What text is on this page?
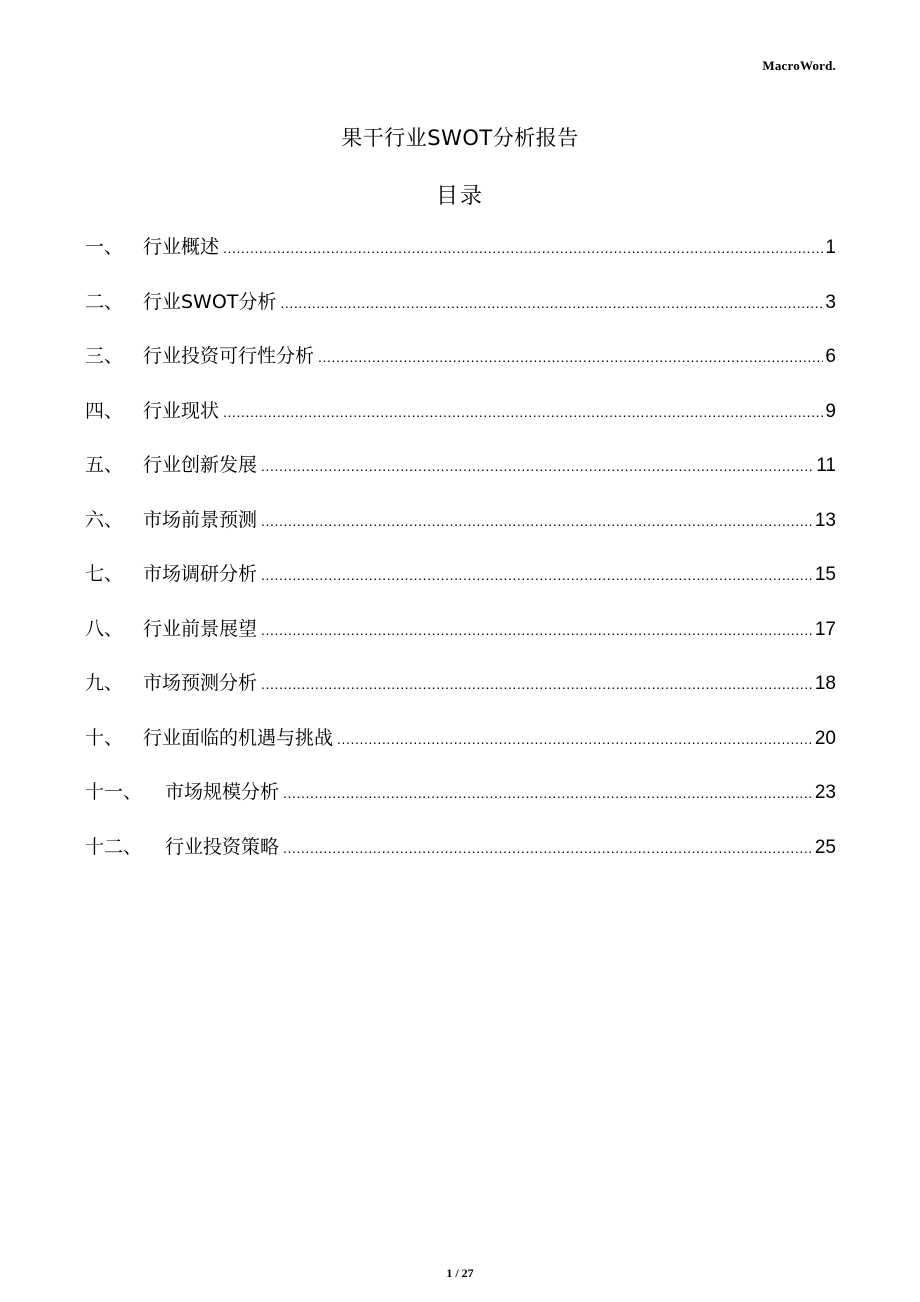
MacroWord.
果干行业SWOT分析报告
目录
一、	行业概述 .....	1
二、	行业SWOT分析 .....	3
三、	行业投资可行性分析 .....	6
四、	行业现状 .....	9
五、	行业创新发展 .....	11
六、	市场前景预测 .....	13
七、	市场调研分析 .....	15
八、	行业前景展望 .....	17
九、	市场预测分析 .....	18
十、	行业面临的机遇与挑战 .....	20
十一、	市场规模分析 .....	23
十二、	行业投资策略 .....	25
1 / 27
